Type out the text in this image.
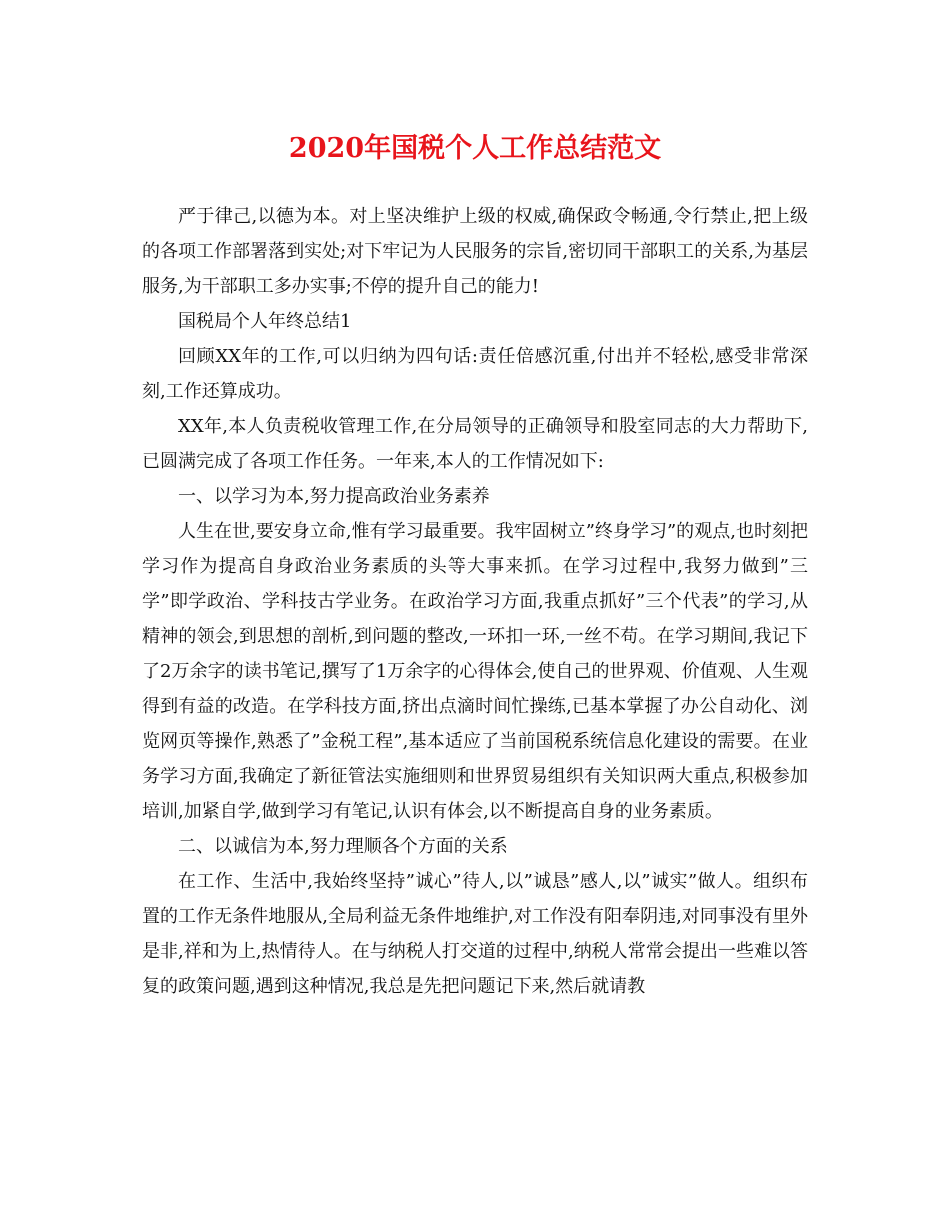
2020年国税个人工作总结范文

严于律己,以德为本。对上坚决维护上级的权威,确保政令畅通,令行禁止,把上级的各项工作部署落到实处;对下牢记为人民服务的宗旨,密切同干部职工的关系,为基层服务,为干部职工多办实事;不停的提升自己的能力!

国税局个人年终总结1

回顾XX年的工作,可以归纳为四句话:责任倍感沉重,付出并不轻松,感受非常深刻,工作还算成功。

XX年,本人负责税收管理工作,在分局领导的正确领导和股室同志的大力帮助下,已圆满完成了各项工作任务。一年来,本人的工作情况如下:

一、以学习为本,努力提高政治业务素养

人生在世,要安身立命,惟有学习最重要。我牢固树立”终身学习”的观点,也时刻把学习作为提高自身政治业务素质的头等大事来抓。在学习过程中,我努力做到”三学”即学政治、学科技古学业务。在政治学习方面,我重点抓好”三个代表”的学习,从精神的领会,到思想的剖析,到问题的整改,一环扣一环,一丝不苟。在学习期间,我记下了2万余字的读书笔记,撰写了1万余字的心得体会,使自己的世界观、价值观、人生观得到有益的改造。在学科技方面,挤出点滴时间忙操练,已基本掌握了办公自动化、浏览网页等操作,熟悉了”金税工程”,基本适应了当前国税系统信息化建设的需要。在业务学习方面,我确定了新征管法实施细则和世界贸易组织有关知识两大重点,积极参加培训,加紧自学,做到学习有笔记,认识有体会,以不断提高自身的业务素质。

二、以诚信为本,努力理顺各个方面的关系

在工作、生活中,我始终坚持”诚心”待人,以”诚恳”感人,以”诚实”做人。组织布置的工作无条件地服从,全局利益无条件地维护,对工作没有阳奉阴违,对同事没有里外是非,祥和为上,热情待人。在与纳税人打交道的过程中,纳税人常常会提出一些难以答复的政策问题,遇到这种情况,我总是先把问题记下来,然后就请教
